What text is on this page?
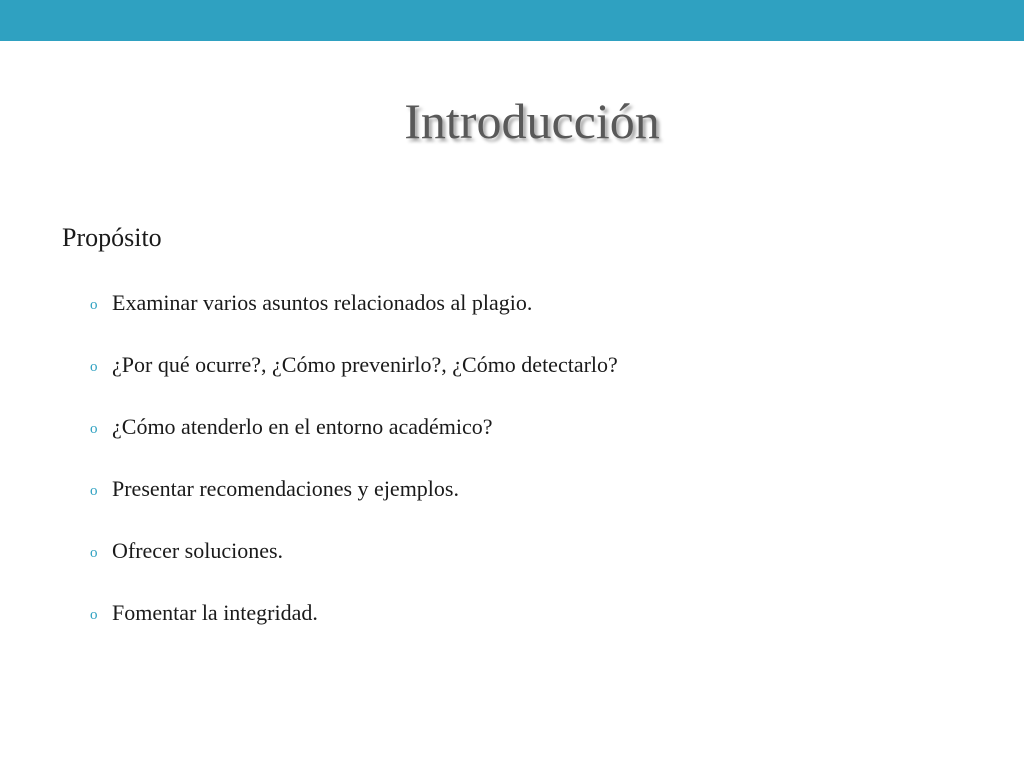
Introducción
Propósito
o Examinar varios asuntos relacionados al plagio.
o ¿Por qué ocurre?, ¿Cómo prevenirlo?, ¿Cómo detectarlo?
o ¿Cómo atenderlo en el entorno académico?
o Presentar recomendaciones y ejemplos.
o Ofrecer soluciones.
o Fomentar la integridad.
